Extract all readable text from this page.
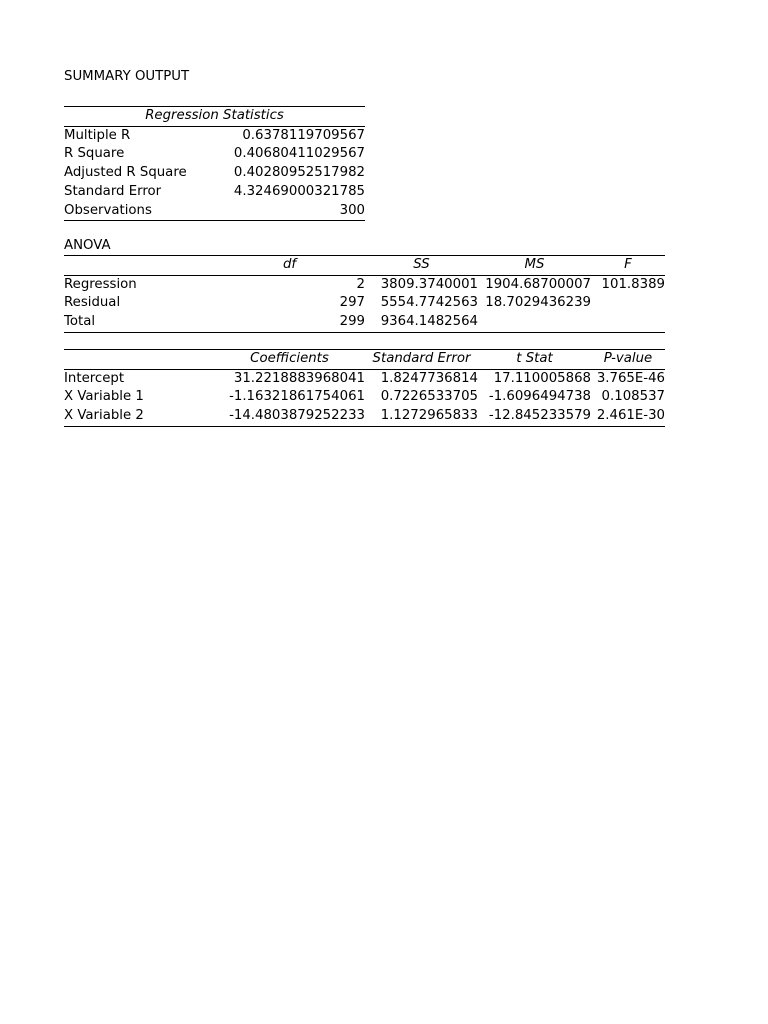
SUMMARY OUTPUT
Regression Statistics	
Multiple R	0.6378119709567
R Square	0.40680411029567
Adjusted R Square	0.40280952517982
Standard Error	4.32469000321785
Observations	300
ANOVA
	df	SS	MS	F
Regression	2	3809.3740001	1904.68700007	101.8389
Residual	297	5554.7742563	18.7029436239	
Total	299	9364.1482564		
	Coefficients	Standard Error	t Stat	P-value
Intercept	31.2218883968041	1.8247736814	17.110005868	3.765E-46
X Variable 1	-1.16321861754061	0.7226533705	-1.6096494738	0.108537
X Variable 2	-14.4803879252233	1.1272965833	-12.845233579	2.461E-30
